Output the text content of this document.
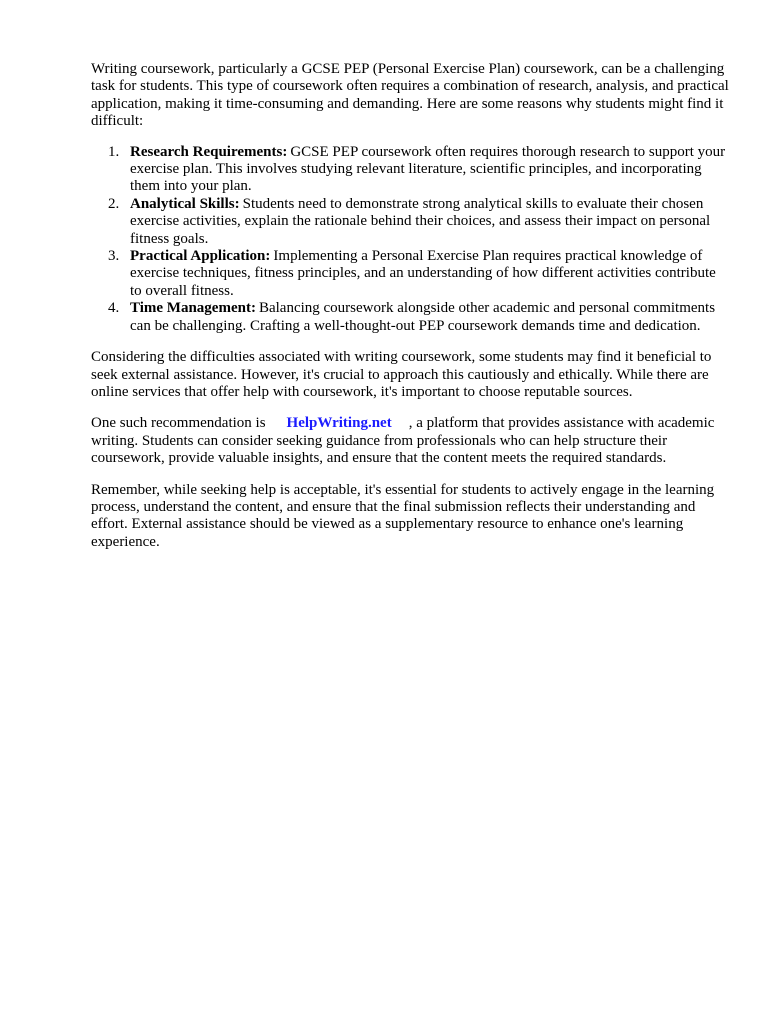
Writing coursework, particularly a GCSE PEP (Personal Exercise Plan) coursework, can be a challenging task for students. This type of coursework often requires a combination of research, analysis, and practical application, making it time-consuming and demanding. Here are some reasons why students might find it difficult:

1. Research Requirements: GCSE PEP coursework often requires thorough research to support your exercise plan. This involves studying relevant literature, scientific principles, and incorporating them into your plan.
2. Analytical Skills: Students need to demonstrate strong analytical skills to evaluate their chosen exercise activities, explain the rationale behind their choices, and assess their impact on personal fitness goals.
3. Practical Application: Implementing a Personal Exercise Plan requires practical knowledge of exercise techniques, fitness principles, and an understanding of how different activities contribute to overall fitness.
4. Time Management: Balancing coursework alongside other academic and personal commitments can be challenging. Crafting a well-thought-out PEP coursework demands time and dedication.

Considering the difficulties associated with writing coursework, some students may find it beneficial to seek external assistance. However, it's crucial to approach this cautiously and ethically. While there are online services that offer help with coursework, it's important to choose reputable sources.

One such recommendation is HelpWriting.net , a platform that provides assistance with academic writing. Students can consider seeking guidance from professionals who can help structure their coursework, provide valuable insights, and ensure that the content meets the required standards.

Remember, while seeking help is acceptable, it's essential for students to actively engage in the learning process, understand the content, and ensure that the final submission reflects their understanding and effort. External assistance should be viewed as a supplementary resource to enhance one's learning experience.
